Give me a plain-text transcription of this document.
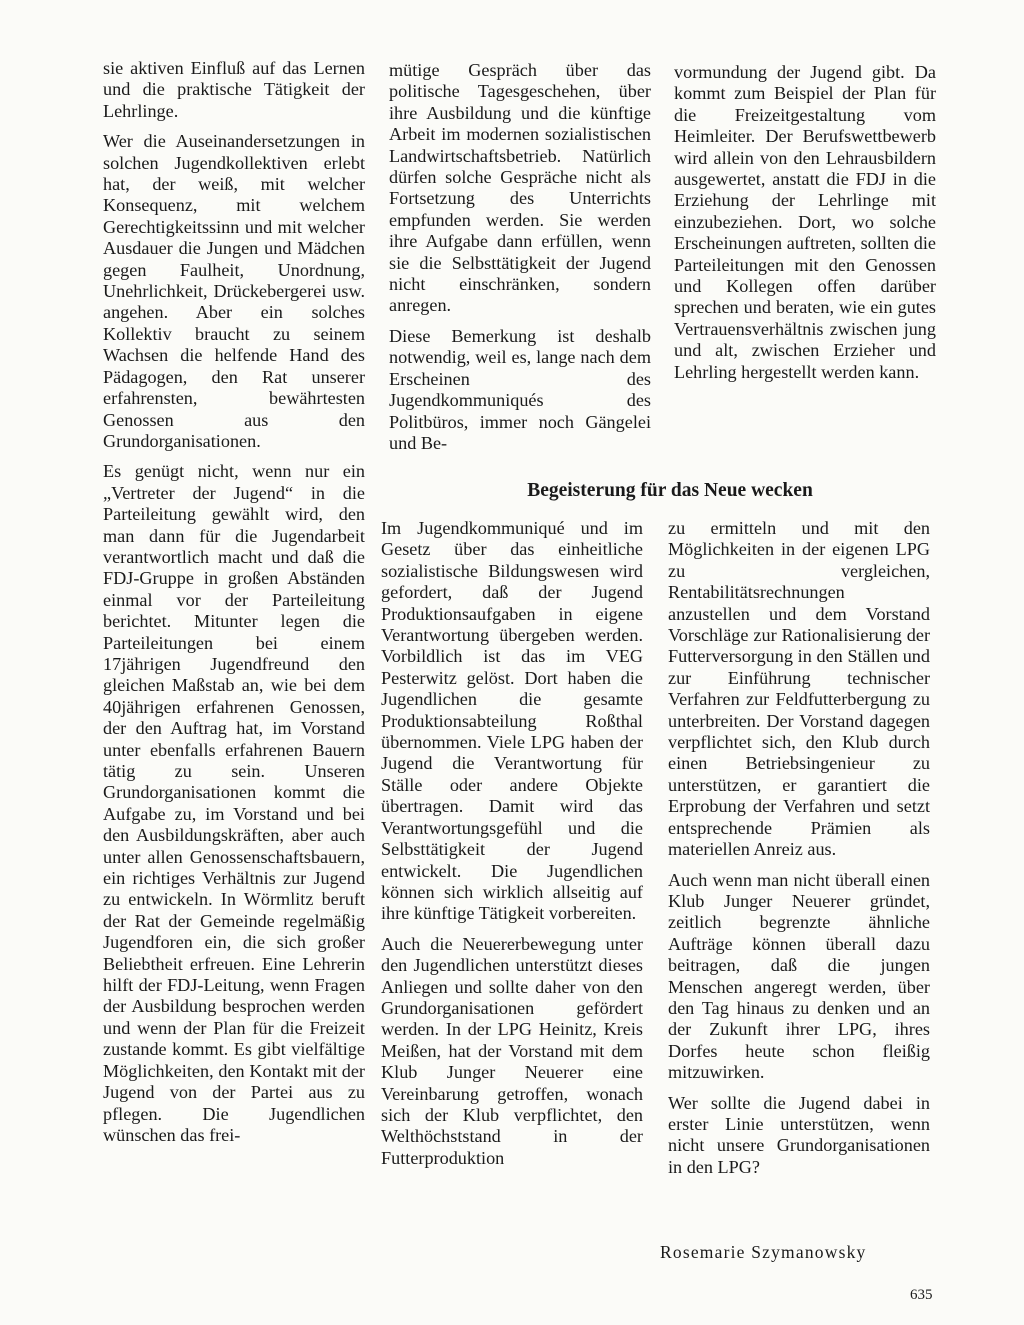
sie aktiven Einfluß auf das Lernen und die praktische Tätigkeit der Lehrlinge.

Wer die Auseinandersetzungen in solchen Jugendkollektiven erlebt hat, der weiß, mit welcher Konsequenz, mit welchem Gerechtigkeitssinn und mit welcher Ausdauer die Jungen und Mädchen gegen Faulheit, Unordnung, Unehrlichkeit, Drückebergerei usw. angehen. Aber ein solches Kollektiv braucht zu seinem Wachsen die helfende Hand des Pädagogen, den Rat unserer erfahrensten, bewährtesten Genossen aus den Grundorganisationen.

Es genügt nicht, wenn nur ein „Vertreter der Jugend“ in die Parteileitung gewählt wird, den man dann für die Jugendarbeit verantwortlich macht und daß die FDJ-Gruppe in großen Abständen einmal vor der Parteileitung berichtet. Mitunter legen die Parteileitungen bei einem 17jährigen Jugendfreund den gleichen Maßstab an, wie bei dem 40jährigen erfahrenen Genossen, der den Auftrag hat, im Vorstand unter ebenfalls erfahrenen Bauern tätig zu sein. Unseren Grundorganisationen kommt die Aufgabe zu, im Vorstand und bei den Ausbildungskräften, aber auch unter allen Genossenschaftsbauern, ein richtiges Verhältnis zur Jugend zu entwickeln. In Wörmlitz beruft der Rat der Gemeinde regelmäßig Jugendforen ein, die sich großer Beliebtheit erfreuen. Eine Lehrerin hilft der FDJ-Leitung, wenn Fragen der Ausbildung besprochen werden und wenn der Plan für die Freizeit zustande kommt. Es gibt vielfältige Möglichkeiten, den Kontakt mit der Jugend von der Partei aus zu pflegen. Die Jugendlichen wünschen das frei-

mütige Gespräch über das politische Tagesgeschehen, über ihre Ausbildung und die künftige Arbeit im modernen sozialistischen Landwirtschaftsbetrieb. Natürlich dürfen solche Gespräche nicht als Fortsetzung des Unterrichts empfunden werden. Sie werden ihre Aufgabe dann erfüllen, wenn sie die Selbsttätigkeit der Jugend nicht einschränken, sondern anregen.

Diese Bemerkung ist deshalb notwendig, weil es, lange nach dem Erscheinen des Jugendkommuniqués des Politbüros, immer noch Gängelei und Be-

vormundung der Jugend gibt. Da kommt zum Beispiel der Plan für die Freizeitgestaltung vom Heimleiter. Der Berufswettbewerb wird allein von den Lehrausbildern ausgewertet, anstatt die FDJ in die Erziehung der Lehrlinge mit einzubeziehen. Dort, wo solche Erscheinungen auftreten, sollten die Parteileitungen mit den Genossen und Kollegen offen darüber sprechen und beraten, wie ein gutes Vertrauensverhältnis zwischen jung und alt, zwischen Erzieher und Lehrling hergestellt werden kann.

Begeisterung für das Neue wecken

Im Jugendkommuniqué und im Gesetz über das einheitliche sozialistische Bildungswesen wird gefordert, daß der Jugend Produktionsaufgaben in eigene Verantwortung übergeben werden. Vorbildlich ist das im VEG Pesterwitz gelöst. Dort haben die Jugendlichen die gesamte Produktionsabteilung Roßthal übernommen. Viele LPG haben der Jugend die Verantwortung für Ställe oder andere Objekte übertragen. Damit wird das Verantwortungsgefühl und die Selbsttätigkeit der Jugend entwickelt. Die Jugendlichen können sich wirklich allseitig auf ihre künftige Tätigkeit vorbereiten.

Auch die Neuererbewegung unter den Jugendlichen unterstützt dieses Anliegen und sollte daher von den Grundorganisationen gefördert werden. In der LPG Heinitz, Kreis Meißen, hat der Vorstand mit dem Klub Junger Neuerer eine Vereinbarung getroffen, wonach sich der Klub verpflichtet, den Welthöchststand in der Futterproduktion

zu ermitteln und mit den Möglichkeiten in der eigenen LPG zu vergleichen, Rentabilitätsrechnungen anzustellen und dem Vorstand Vorschläge zur Rationalisierung der Futterversorgung in den Ställen und zur Einführung technischer Verfahren zur Feldfutterbergung zu unterbreiten. Der Vorstand dagegen verpflichtet sich, den Klub durch einen Betriebsingenieur zu unterstützen, er garantiert die Erprobung der Verfahren und setzt entsprechende Prämien als materiellen Anreiz aus.

Auch wenn man nicht überall einen Klub Junger Neuerer gründet, zeitlich begrenzte ähnliche Aufträge können überall dazu beitragen, daß die jungen Menschen angeregt werden, über den Tag hinaus zu denken und an der Zukunft ihrer LPG, ihres Dorfes heute schon fleißig mitzuwirken.

Wer sollte die Jugend dabei in erster Linie unterstützen, wenn nicht unsere Grundorganisationen in den LPG?

Rosemarie Szymanowsky
635
